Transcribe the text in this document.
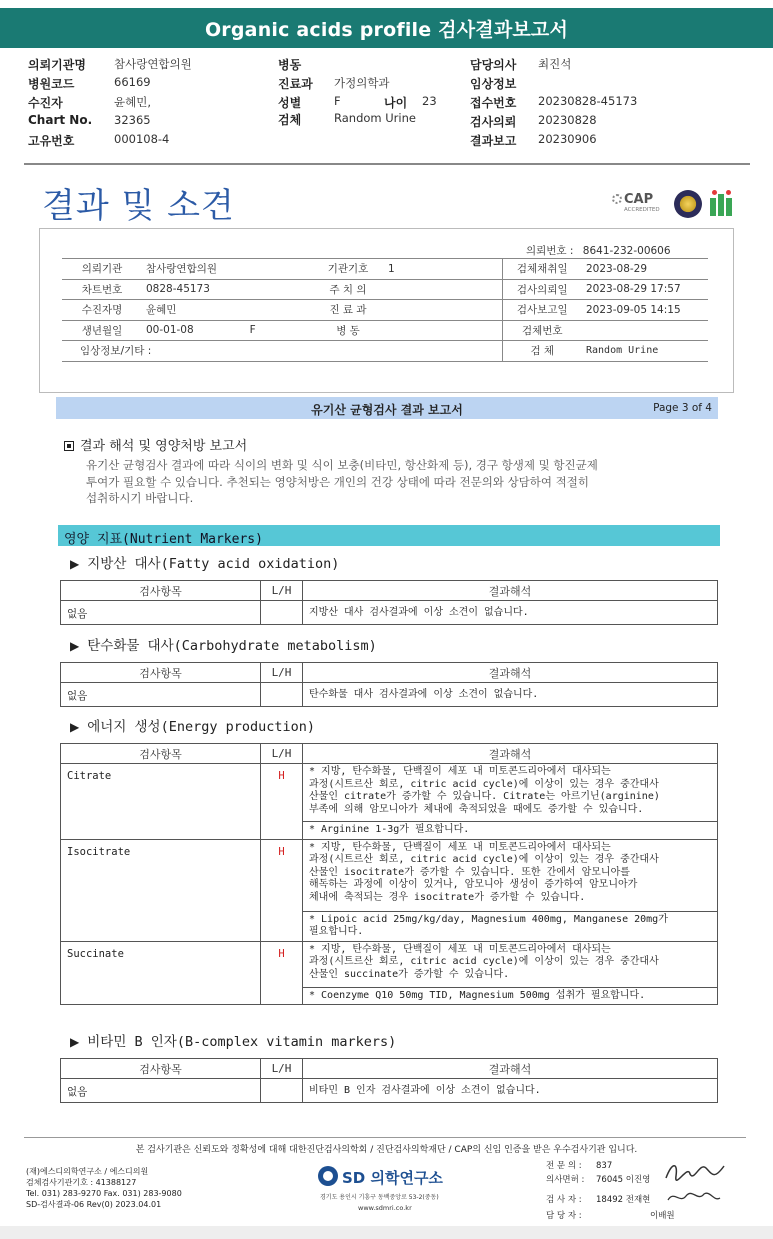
Organic acids profile 검사결과보고서
의뢰기관명 참사랑연합의원	병동	담당의사 최진석
병원코드	66169	진료과 가정의학과	임상정보
수진자	윤혜민,	성별	F	나이 23	접수번호 20230828-45173
Chart No. 32365	검체	Random Urine	검사의뢰 20230828
고유번호	000108-4	결과보고 20230906
결과 및 소견	CAP
ACCREDITED
의뢰번호 : 8641-232-00606
의뢰기관	참사랑연합의원	기관기호	1	검체채취일	2023-08-29
차트번호	0828-45173	주 치 의		검사의뢰일	2023-08-29 17:57
수진자명	윤혜민	진 료 과		검사보고일	2023-09-05 14:15
생년월일	00-01-08 F	병 동		검체번호	
임상정보/기타 :				검 체	Random Urine
유기산 균형검사 결과 보고서	Page 3 of 4
결과 해석 및 영양처방 보고서
유기산 균형검사 결과에 따라 식이의 변화 및 식이 보충(비타민, 항산화제 등), 경구 항생제 및 항진균제
투여가 필요할 수 있습니다. 추천되는 영양처방은 개인의 건강 상태에 따라 전문의와 상담하여 적절히
섭취하시기 바랍니다.
영양 지표(Nutrient Markers)
▶ 지방산 대사(Fatty acid oxidation)
검사항목	L/H	결과해석
없음		지방산 대사 검사결과에 이상 소견이 없습니다.
▶ 탄수화물 대사(Carbohydrate metabolism)
검사항목	L/H	결과해석
없음		탄수화물 대사 검사결과에 이상 소견이 없습니다.
▶ 에너지 생성(Energy production)
검사항목	L/H	결과해석
Citrate	H	* 지방, 탄수화물, 단백질이 세포 내 미토콘드리아에서 대사되는
과정(시트르산 회로, citric acid cycle)에 이상이 있는 경우 중간대사
산물인 citrate가 증가할 수 있습니다. Citrate는 아르기닌(arginine)
부족에 의해 암모니아가 체내에 축적되었을 때에도 증가할 수 있습니다.

		* Arginine 1-3g가 필요합니다.

Isocitrate	H	* 지방, 탄수화물, 단백질이 세포 내 미토콘드리아에서 대사되는
과정(시트르산 회로, citric acid cycle)에 이상이 있는 경우 중간대사
산물인 isocitrate가 증가할 수 있습니다. 또한 간에서 암모니아를
해독하는 과정에 이상이 있거나, 암모니아 생성이 증가하여 암모니아가
체내에 축적되는 경우 isocitrate가 증가할 수 있습니다.

		* Lipoic acid 25mg/kg/day, Magnesium 400mg, Manganese 20mg가
필요합니다.

Succinate	H	* 지방, 탄수화물, 단백질이 세포 내 미토콘드리아에서 대사되는
과정(시트르산 회로, citric acid cycle)에 이상이 있는 경우 중간대사
산물인 succinate가 증가할 수 있습니다.

		* Coenzyme Q10 50mg TID, Magnesium 500mg 섭취가 필요합니다.
▶ 비타민 B 인자(B-complex vitamin markers)
검사항목	L/H	결과해석
없음		비타민 B 인자 검사결과에 이상 소견이 없습니다.
본 검사기관은 신뢰도와 정확성에 대해 대한진단검사의학회 / 진단검사의학재단 / CAP의 신임 인증을 받은 우수검사기관 입니다.
(재)에스디의학연구소 / 에스디의원
검체검사기관기호 : 41388127
Tel. 031) 283-9270 Fax. 031) 283-9080
SD-검사결과-06 Rev(0) 2023.04.01
SD 의학연구소
경기도 용인시 기흥구 동백중앙로 53-2(중동)
www.sdmri.co.kr
전 문 의 : 837
의사면허 : 76045 이진영
검 사 자 : 18492 전재현
담 당 자 :	이배원
